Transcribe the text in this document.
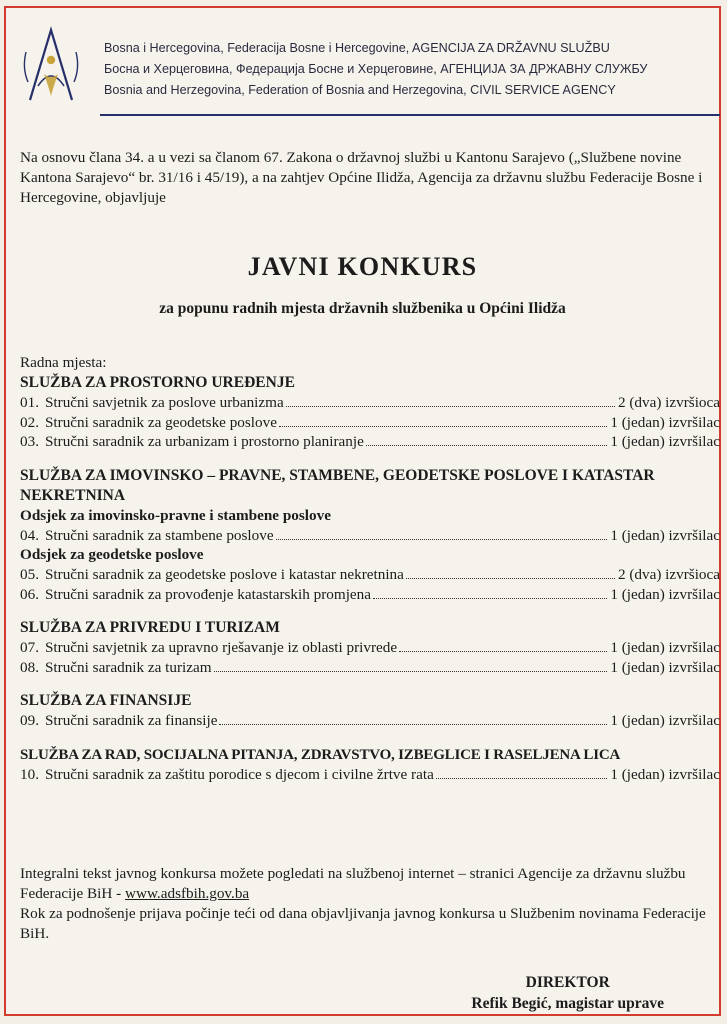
Bosna i Hercegovina, Federacija Bosne i Hercegovine, AGENCIJA ZA DRŽAVNU SLUŽBU
Босна и Херцеговина, Федерација Босне и Херцеговине, АГЕНЦИЈА ЗА ДРЖАВНУ СЛУЖБУ
Bosnia and Herzegovina, Federation of Bosnia and Herzegovina, CIVIL SERVICE AGENCY
Na osnovu člana 34. a u vezi sa članom 67. Zakona o državnoj službi u Kantonu Sarajevo („Službene novine Kantona Sarajevo“ br. 31/16 i 45/19), a na zahtjev Općine Ilidža, Agencija za državnu službu Federacije Bosne i Hercegovine, objavljuje
JAVNI KONKURS
za popunu radnih mjesta državnih službenika u Općini Ilidža
Radna mjesta:
SLUŽBA ZA PROSTORNO UREĐENJE
01. Stručni savjetnik za poslove urbanizma	2 (dva) izvršioca
02. Stručni saradnik za geodetske poslove	1 (jedan) izvršilac
03. Stručni saradnik za urbanizam i prostorno planiranje	1 (jedan) izvršilac
SLUŽBA ZA IMOVINSKO – PRAVNE, STAMBENE, GEODETSKE POSLOVE I KATASTAR
NEKRETNINA
Odsjek za imovinsko-pravne i stambene poslove
04. Stručni saradnik za stambene poslove	1 (jedan) izvršilac
Odsjek za geodetske poslove
05. Stručni saradnik za geodetske poslove i katastar nekretnina	2 (dva) izvršioca
06. Stručni saradnik za provođenje katastarskih promjena	1 (jedan) izvršilac
SLUŽBA ZA PRIVREDU I TURIZAM
07. Stručni savjetnik za upravno rješavanje iz oblasti privrede	1 (jedan) izvršilac
08. Stručni saradnik za turizam	1 (jedan) izvršilac
SLUŽBA ZA FINANSIJE
09. Stručni saradnik za finansije	1 (jedan) izvršilac
SLUŽBA ZA RAD, SOCIJALNA PITANJA, ZDRAVSTVO, IZBEGLICE I RASELJENA LICA
10. Stručni saradnik za zaštitu porodice s djecom i civilne žrtve rata	1 (jedan) izvršilac
Integralni tekst javnog konkursa možete pogledati na službenoj internet – stranici Agencije za državnu službu Federacije BiH - www.adsfbih.gov.ba
Rok za podnošenje prijava počinje teći od dana objavljivanja javnog konkursa u Službenim novinama Federacije BiH.
DIREKTOR
Refik Begić, magistar uprave
